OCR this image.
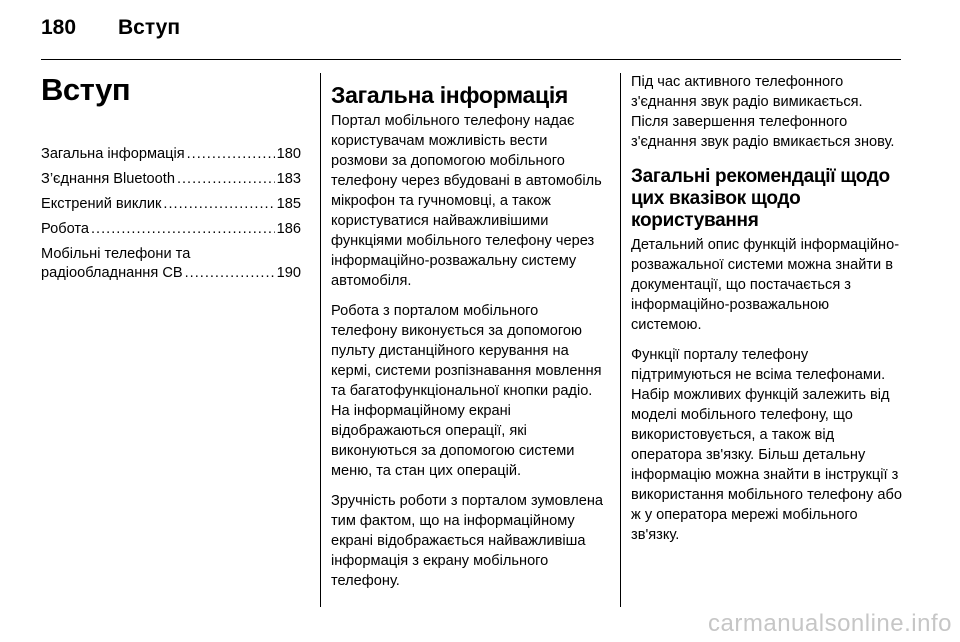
180 Вступ
Вступ
Загальна інформація .....	180
З’єднання Bluetooth .....	183
Екстрений виклик .....	185
Робота .....	186
Мобільні телефони та
радіообладнання CB .....	190
Загальна інформація

Портал мобільного телефону надає користувачам можливість вести розмови за допомогою мобільного телефону через вбудовані в автомобіль мікрофон та гучномовці, а також користуватися найважливішими функціями мобільного телефону через інформаційно-розважальну систему автомобіля.

Робота з порталом мобільного телефону виконується за допомогою пульту дистанційного керування на кермі, системи розпізнавання мовлення та багатофункціональної кнопки радіо. На інформаційному екрані відображаються операції, які виконуються за допомогою системи меню, та стан цих операцій.

Зручність роботи з порталом зумовлена тим фактом, що на інформаційному екрані відображається найважливіша інформація з екрану мобільного телефону.

Під час активного телефонного з'єднання звук радіо вимикається. Після завершення телефонного з'єднання звук радіо вмикається знову.

Загальні рекомендації щодо цих вказівок щодо користування

Детальний опис функцій інформаційно-розважальної системи можна знайти в документації, що постачається з інформаційно-розважальною системою.

Функції порталу телефону підтримуються не всіма телефонами. Набір можливих функцій залежить від моделі мобільного телефону, що використовується, а також від оператора зв'язку. Більш детальну інформацію можна знайти в інструкції з використання мобільного телефону або ж у оператора мережі мобільного зв'язку.

carmanualsonline.info
